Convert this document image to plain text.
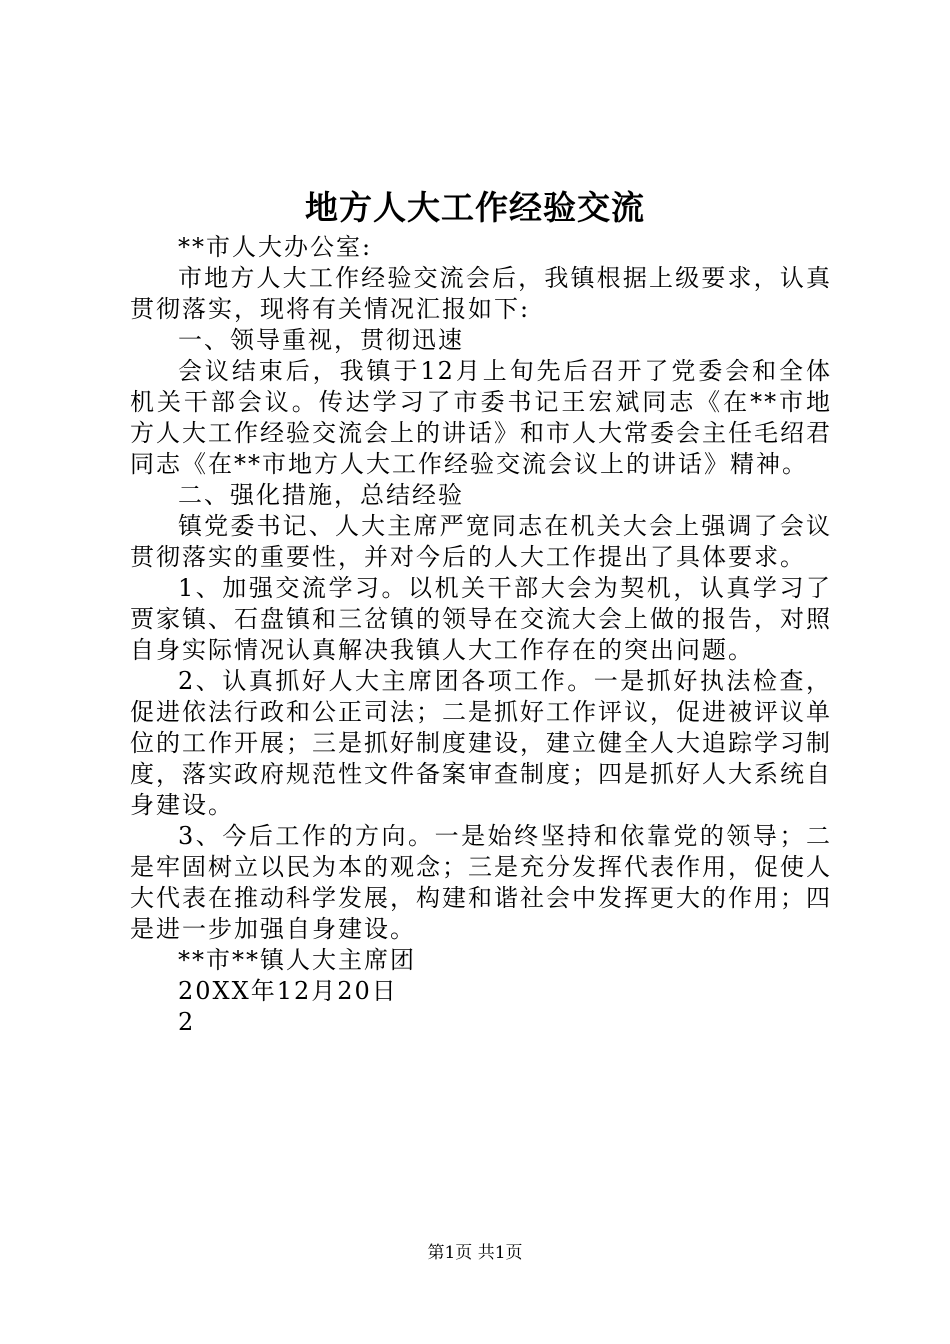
地方人大工作经验交流

**市人大办公室:

市地方人大工作经验交流会后，我镇根据上级要求，认真贯彻落实，现将有关情况汇报如下:

一、领导重视，贯彻迅速

会议结束后，我镇于12月上旬先后召开了党委会和全体机关干部会议。传达学习了市委书记王宏斌同志《在**市地方人大工作经验交流会上的讲话》和市人大常委会主任毛绍君同志《在**市地方人大工作经验交流会议上的讲话》精神。

二、强化措施，总结经验

镇党委书记、人大主席严宽同志在机关大会上强调了会议贯彻落实的重要性，并对今后的人大工作提出了具体要求。

1、加强交流学习。以机关干部大会为契机，认真学习了贾家镇、石盘镇和三岔镇的领导在交流大会上做的报告，对照自身实际情况认真解决我镇人大工作存在的突出问题。

2、认真抓好人大主席团各项工作。一是抓好执法检查，促进依法行政和公正司法；二是抓好工作评议，促进被评议单位的工作开展；三是抓好制度建设，建立健全人大追踪学习制度，落实政府规范性文件备案审查制度；四是抓好人大系统自身建设。

3、今后工作的方向。一是始终坚持和依靠党的领导；二是牢固树立以民为本的观念；三是充分发挥代表作用，促使人大代表在推动科学发展，构建和谐社会中发挥更大的作用；四是进一步加强自身建设。

**市**镇人大主席团

20XX年12月20日

2

第1页 共1页
